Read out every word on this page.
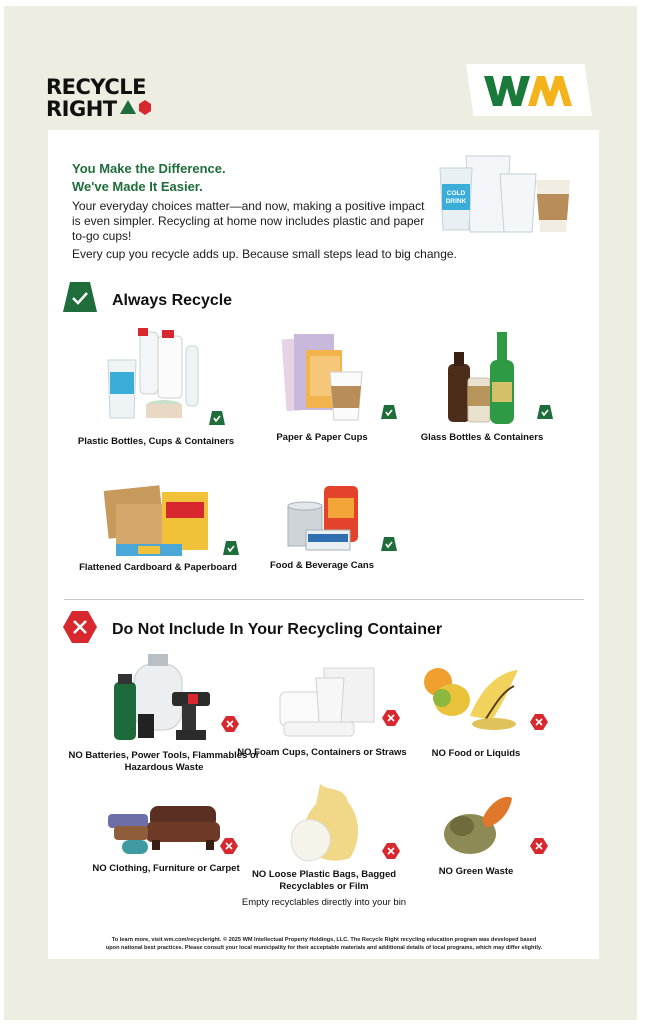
RECYCLE
RIGHT
You Make the Difference.
We've Made It Easier.
Your everyday choices matter—and now, making a positive impact is even simpler. Recycling at home now includes plastic and paper to-go cups!
Every cup you recycle adds up. Because small steps lead to big change.
COLD
DRINK
Always Recycle
Plastic Bottles, Cups & Containers	Paper & Paper Cups	Glass Bottles & Containers
Flattened Cardboard & Paperboard	Food & Beverage Cans
Do Not Include In Your Recycling Container
NO Batteries, Power Tools, Flammables or Hazardous Waste
NO Foam Cups, Containers or Straws	NO Food or Liquids
NO Clothing, Furniture or Carpet
NO Loose Plastic Bags, Bagged Recyclables or Film
Empty recyclables directly into your bin
NO Green Waste
To learn more, visit wm.com/recycleright. © 2025 WM Intellectual Property Holdings, LLC. The Recycle Right recycling education program was developed based
upon national best practices. Please consult your local municipality for their acceptable materials and additional details of local programs, which may differ slightly.
